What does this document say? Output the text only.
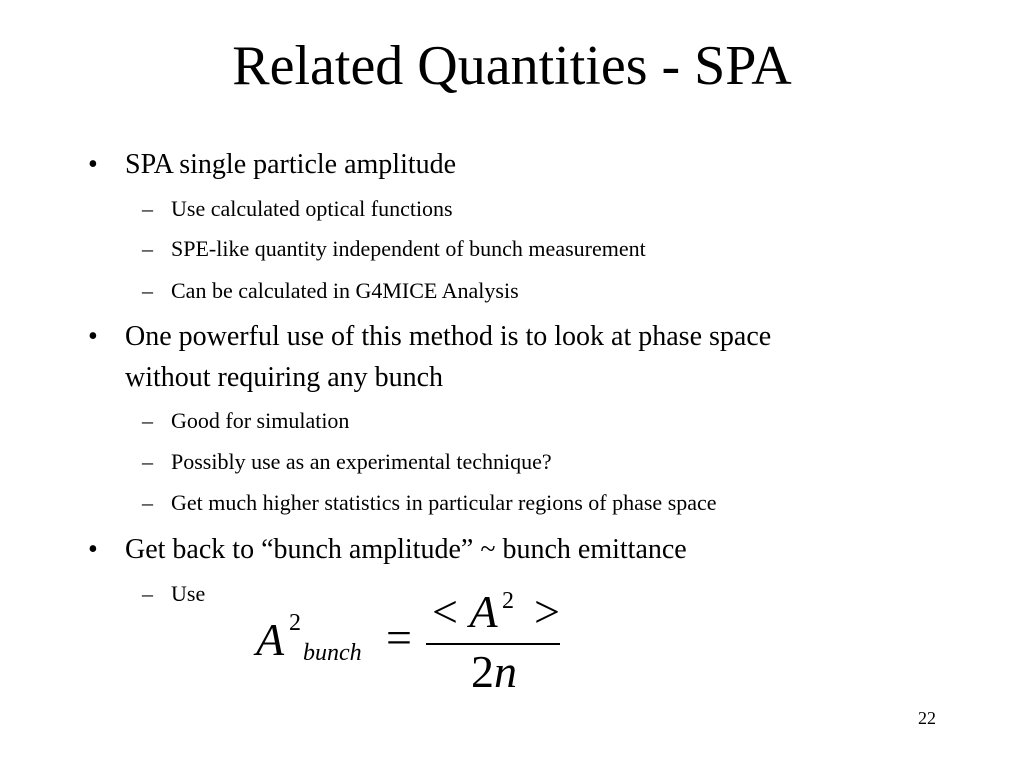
Related Quantities - SPA
• SPA single particle amplitude
– Use calculated optical functions
– SPE-like quantity independent of bunch measurement
– Can be calculated in G4MICE Analysis
• One powerful use of this method is to look at phase space
without requiring any bunch
– Good for simulation
– Possibly use as an experimental technique?
– Get much higher statistics in particular regions of phase space
• Get back to “bunch amplitude” ~ bunch emittance
– Use
A 2
bunch =
< A 2 >
2n
22
